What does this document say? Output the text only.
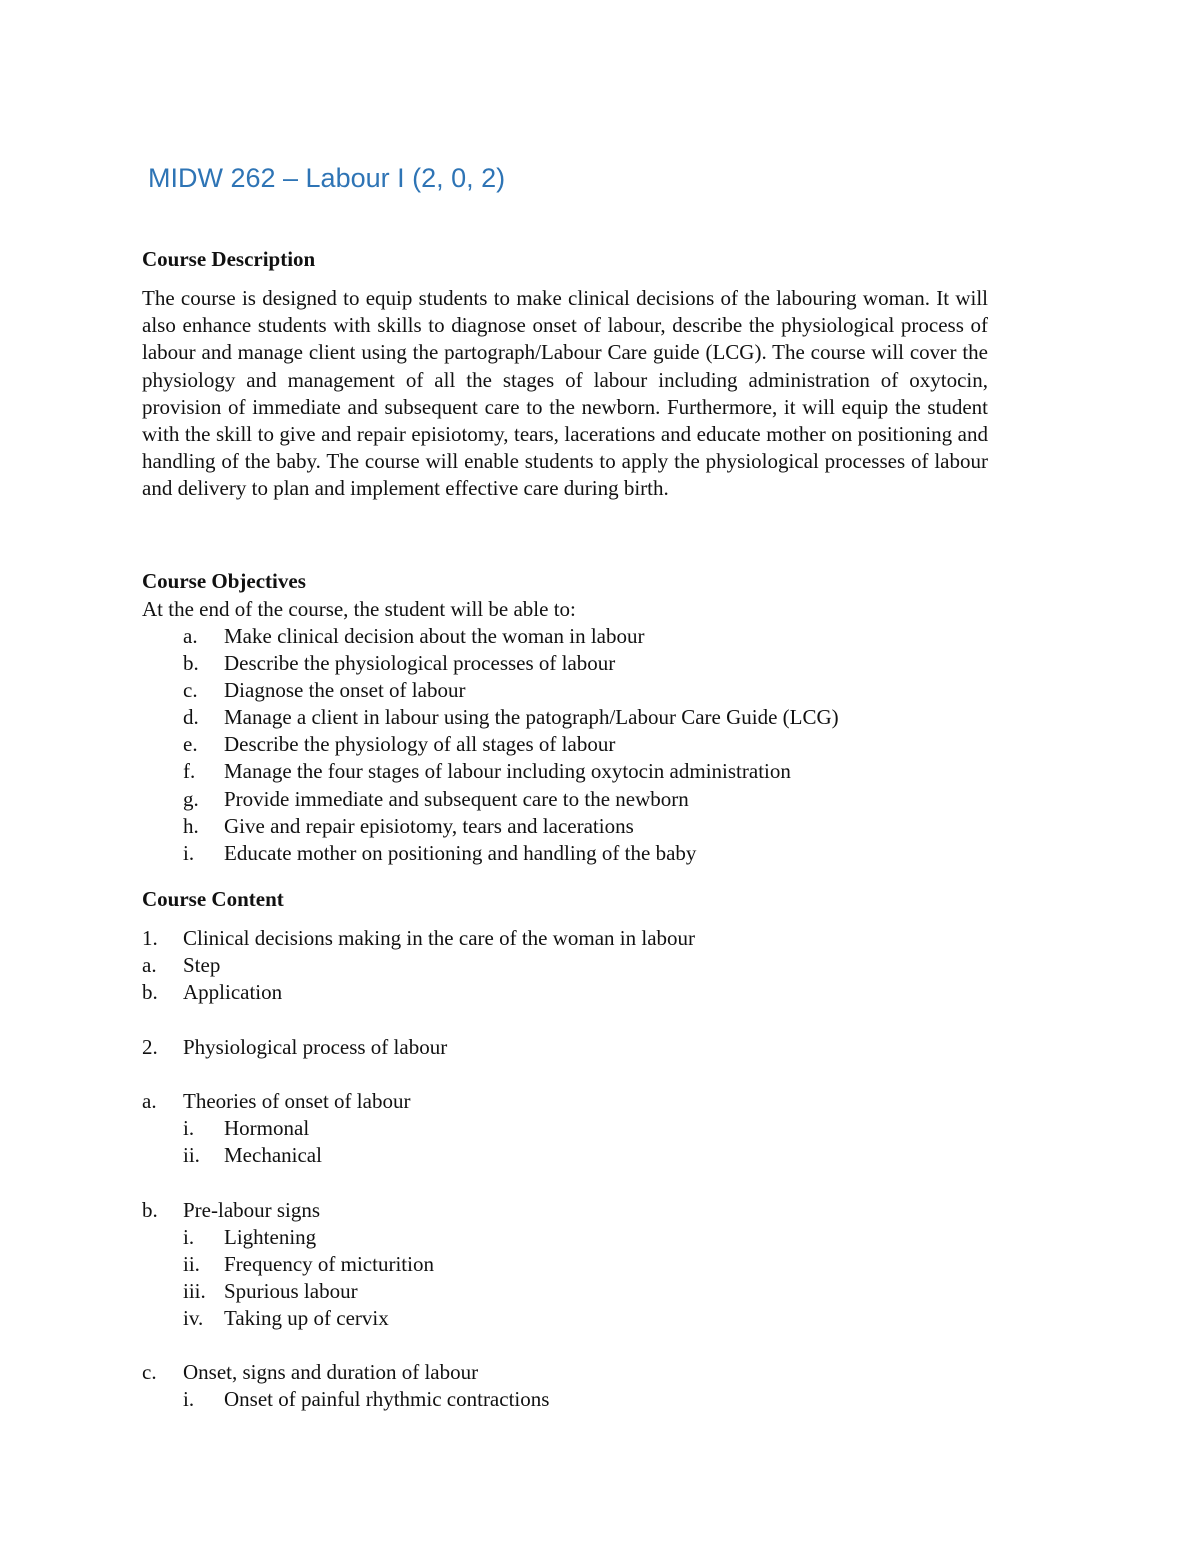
MIDW 262 – Labour I (2, 0, 2)
Course Description

The course is designed to equip students to make clinical decisions of the labouring woman. It will also enhance students with skills to diagnose onset of labour, describe the physiological process of labour and manage client using the partograph/Labour Care guide (LCG). The course will cover the physiology and management of all the stages of labour including administration of oxytocin, provision of immediate and subsequent care to the newborn. Furthermore, it will equip the student with the skill to give and repair episiotomy, tears, lacerations and educate mother on positioning and handling of the baby. The course will enable students to apply the physiological processes of labour and delivery to plan and implement effective care during birth.

Course Objectives

At the end of the course, the student will be able to:

a. Make clinical decision about the woman in labour
b. Describe the physiological processes of labour
c. Diagnose the onset of labour
d. Manage a client in labour using the patograph/Labour Care Guide (LCG)
e. Describe the physiology of all stages of labour
f. Manage the four stages of labour including oxytocin administration
g. Provide immediate and subsequent care to the newborn
h. Give and repair episiotomy, tears and lacerations
i. Educate mother on positioning and handling of the baby
Course Content
1. Clinical decisions making in the care of the woman in labour
a. Step
b. Application
2. Physiological process of labour
a. Theories of onset of labour
i. Hormonal
ii. Mechanical
b. Pre-labour signs
i. Lightening
ii. Frequency of micturition
iii. Spurious labour
iv. Taking up of cervix
c. Onset, signs and duration of labour
i. Onset of painful rhythmic contractions
